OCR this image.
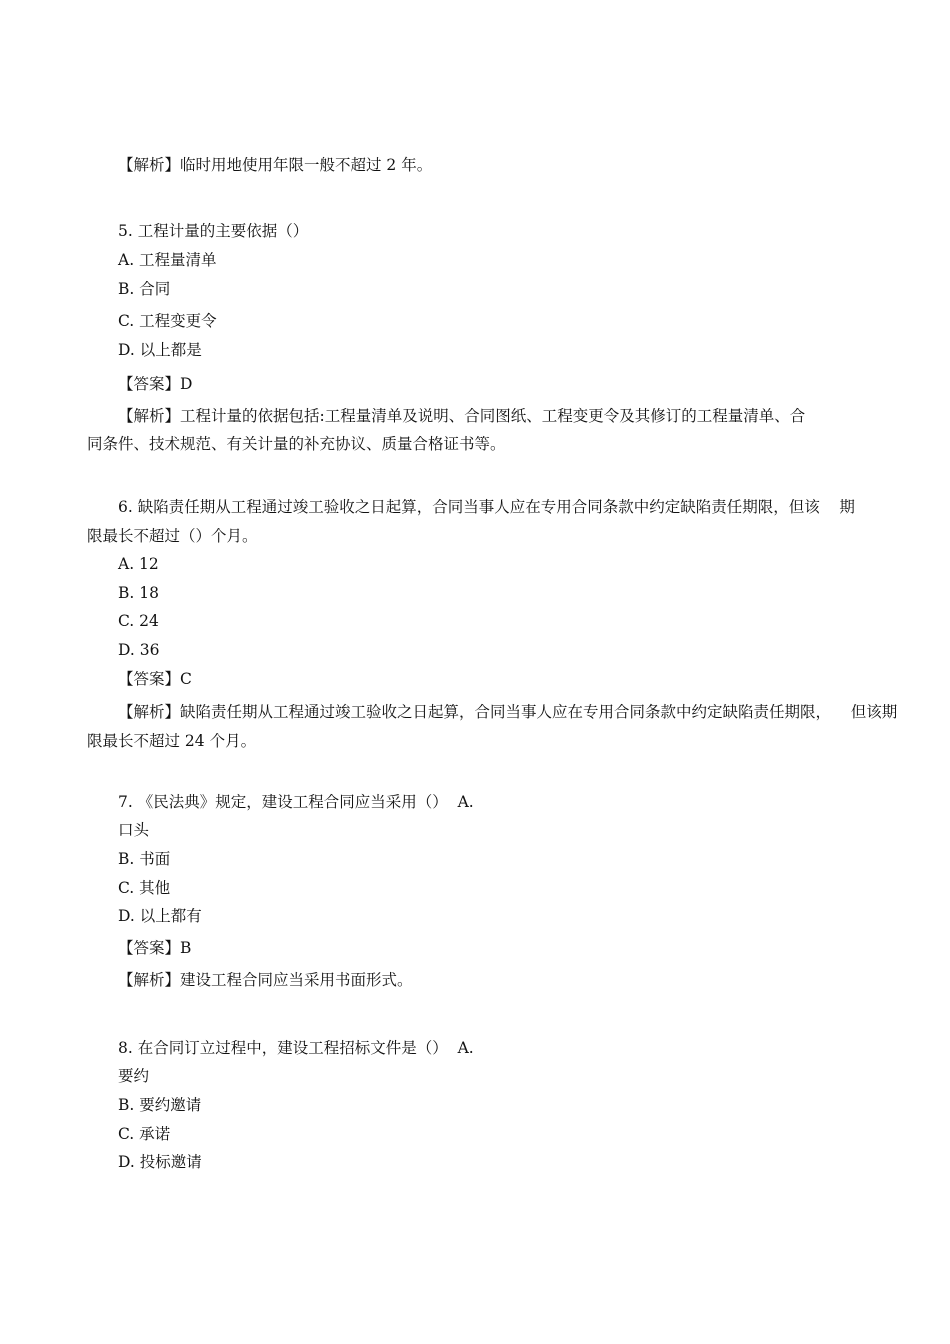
【解析】临时用地使用年限一般不超过 2 年。
5. 工程计量的主要依据（）
A. 工程量清单
B. 合同
C. 工程变更令
D. 以上都是
【答案】D
【解析】工程计量的依据包括:工程量清单及说明、合同图纸、工程变更令及其修订的工程量清单、合
同条件、技术规范、有关计量的补充协议、质量合格证书等。
6. 缺陷责任期从工程通过竣工验收之日起算，合同当事人应在专用合同条款中约定缺陷责任期限，但该    期
限最长不超过（）个月。
A. 12
B. 18
C. 24
D. 36
【答案】C
【解析】缺陷责任期从工程通过竣工验收之日起算，合同当事人应在专用合同条款中约定缺陷责任期限，    但该期
限最长不超过 24 个月。
7. 《民法典》规定，建设工程合同应当采用（）  A.
口头
B. 书面
C. 其他
D. 以上都有
【答案】B
【解析】建设工程合同应当采用书面形式。
8. 在合同订立过程中，建设工程招标文件是（）  A.
要约
B. 要约邀请
C. 承诺
D. 投标邀请
